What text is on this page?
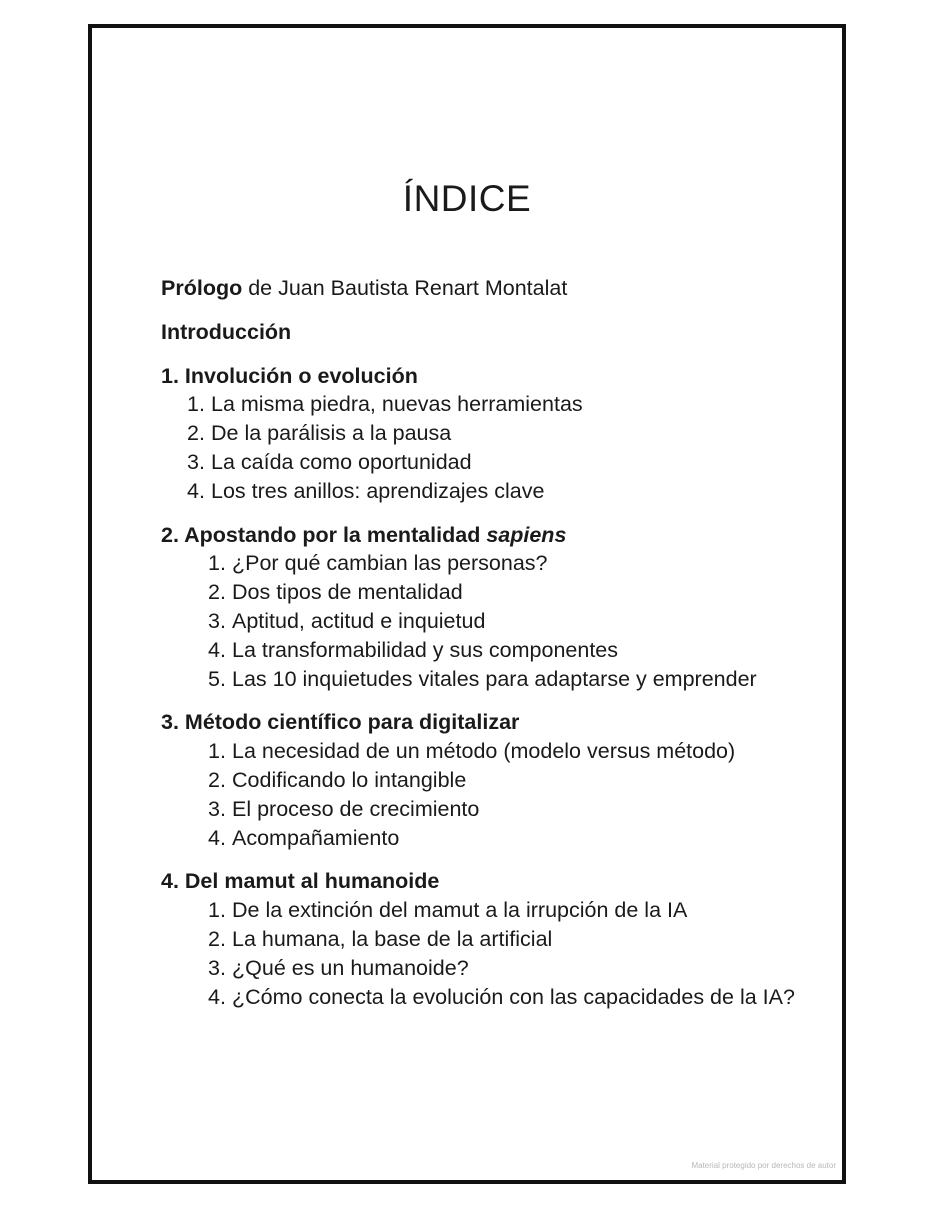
ÍNDICE

Prólogo de Juan Bautista Renart Montalat

Introducción

1. Involución o evolución

1. La misma piedra, nuevas herramientas
2. De la parálisis a la pausa
3. La caída como oportunidad
4. Los tres anillos: aprendizajes clave

2. Apostando por la mentalidad sapiens

1. ¿Por qué cambian las personas?
2. Dos tipos de mentalidad
3. Aptitud, actitud e inquietud
4. La transformabilidad y sus componentes
5. Las 10 inquietudes vitales para adaptarse y emprender

3. Método científico para digitalizar

1. La necesidad de un método (modelo versus método)
2. Codificando lo intangible
3. El proceso de crecimiento
4. Acompañamiento

4. Del mamut al humanoide

1. De la extinción del mamut a la irrupción de la IA
2. La humana, la base de la artificial
3. ¿Qué es un humanoide?
4. ¿Cómo conecta la evolución con las capacidades de la IA?
Material protegido por derechos de autor
